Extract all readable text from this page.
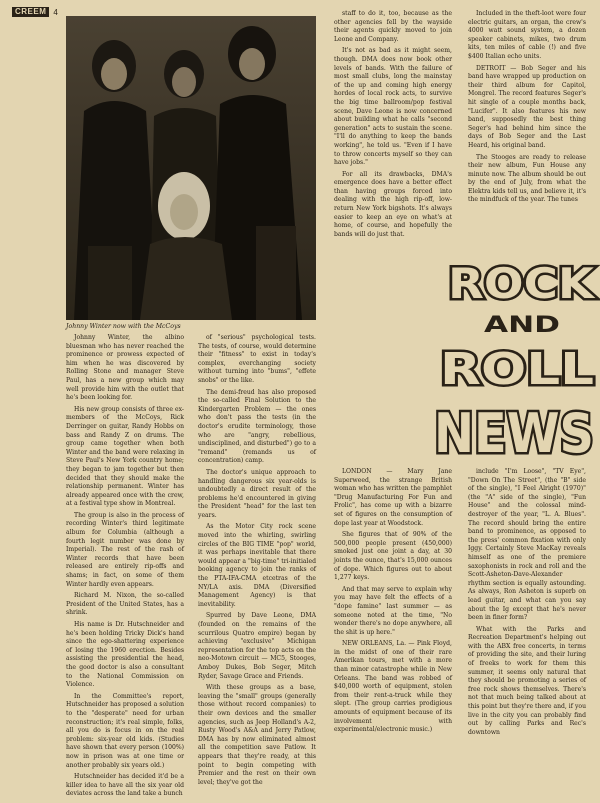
CREEM 4
Johnny Winter now with the McCoys

Johnny Winter, the albino bluesman who has never reached the prominence or prowess expected of him when he was discovered by Rolling Stone and manager Steve Paul, has a new group which may well provide him with the outlet that he's been looking for.

His new group consists of three ex-members of the McCoys, Rick Derringer on guitar, Randy Hobbs on bass and Randy Z on drums. The group came together when both Winter and the band were relaxing in Steve Paul's New York country home; they began to jam together but then decided that they should make the relationship permanent. Winter has already appeared once with the crew, at a festival type show in Montreal.

The group is also in the process of recording Winter's third legitimate album for Columbia (although a fourth legit number was done by Imperial). The rest of the rash of Winter records that have been released are entirely rip-offs and shams; in fact, on some of them Winter hardly even appears.

Richard M. Nixon, the so-called President of the United States, has a shrink.

His name is Dr. Hutschneider and he's been holding Tricky Dick's hand since the ego-shattering experience of losing the 1960 erection. Besides assisting the presidential the head, the good doctor is also a consultant to the National Commission on Violence.

In the Committee's report, Hutschneider has proposed a solution to the "desperate" need for urban reconstruction; it's real simple, folks, all you do is focus in on the real problem: six-year old kids. (Studies have shown that every person (100%) now in prison was at one time or another probably six years old.)

Hutschneider has decided it'd be a killer idea to have all the six year old deviates across the land take a bunch

of "serious" psychological tests. The tests, of course, would determine their "fitness" to exist in today's complex, everchanging society without turning into "bums", "effete snobs" or the like.

The demi-freud has also proposed the so-called Final Solution to the Kindergarten Problem — the ones who don't pass the tests (in the doctor's erudite terminology, those who are "angry, rebellious, undisciplined, and disturbed") go to a "remand" (remands us of concentration) camp.

The doctor's unique approach to handling dangerous six year-olds is undoubtedly a direct result of the problems he'd encountered in giving the President "head" for the last ten years.

As the Motor City rock scene moved into the whirling, swirling circles of the BIG TIME "pop" world, it was perhaps inevitable that there would appear a "big-time" tri-initialed booking agency to join the ranks of the PTA-IFA-CMA etcetras of the NY/LA axis. DMA (Diversified Management Agency) is that inevitability.

Spurred by Dave Leone, DMA (founded on the remains of the scurrilous Quatro empire) began by achieving "exclusive" Michigan representation for the top acts on the neo-Motown circuit — MC5, Stooges, Amboy Dukes, Bob Seger, Mitch Ryder, Savage Grace and Friends.

With these groups as a base, leaving the "small" groups (generally those without record companies) to their own devices and the smaller agencies, such as Jeep Holland's A-2, Rusty Wood's A&A and Jerry Patlow, DMA has by now eliminated almost all the competition save Patlow. It appears that they're ready, at this point to begin competing with Premier and the rest on their own level; they've got the

staff to do it, too, because as the other agencies fell by the wayside their agents quickly moved to join Leone and Company.

It's not as bad as it might seem, though. DMA does now book other levels of bands. With the failure of most small clubs, long the mainstay of the up and coming high energy hordes of local rock acts, to survive the big time ballroom/pop festival scene, Dave Leone is now concerned about building what he calls "second generation" acts to sustain the scene. "I'll do anything to keep the bands working", he told us. "Even if I have to throw concerts myself so they can have jobs."

For all its drawbacks, DMA's emergence does have a better effect than having groups forced into dealing with the high rip-off, low-return New York bigshots. It's always easier to keep an eye on what's at home, of course, and hopefully the bands will do just that.

Included in the theft-loot were four electric guitars, an organ, the crew's 4000 watt sound system, a dozen speaker cabinets, mikes, two drum kits, ten miles of cable (!) and five $400 Italian echo units.

DETROIT — Bob Seger and his band have wrapped up production on their third album for Capitol, Mongrel. The record features Seger's hit single of a couple months back, "Lucifer". It also features his new band, supposedly the best thing Seger's had behind him since the days of Bob Seger and the Last Heard, his original band.

The Stooges are ready to release their new album, Fun House any minute now. The album should be out by the end of July, from what the Elektra kids tell us, and believe it, it's the mindfuck of the year. The tunes

ROCK
AND
ROLL
NEWS

LONDON — Mary Jane Superweed, the strange British woman who has written the pamphlet "Drug Manufacturing For Fun and Frolic", has come up with a bizarre set of figures on the consumption of dope last year at Woodstock.

She figures that of 90% of the 500,000 people present (450,000) smoked just one joint a day, at 30 joints the ounce, that's 15,000 ounces of dope. Which figures out to about 1,277 keys.

And that may serve to explain why you may have felt the effects of a "dope famine" last summer — as someone noted at the time, "No wonder there's no dope anywhere, all the shit is up here."

NEW ORLEANS, La. — Pink Floyd, in the midst of one of their rare Amerikan tours, met with a more than minor catastrophe while in New Orleans. The band was robbed of $40,000 worth of equipment, stolen from their rent-a-truck while they slept. (The group carries prodigious amounts of equipment because of its involvement with experimental/electronic music.)

include "I'm Loose", "TV Eye", "Down On The Street", (the "B" side of the single), "I Feel Alright (1970)" (the "A" side of the single), "Fun House" and the colossal mind-destroyer of the year, "L. A. Blues". The record should bring the entire band to prominence, as opposed to the press' common fixation with only Iggy. Certainly Steve MacKay reveals himself as one of the premiere saxophonists in rock and roll and the Scott-Asheton-Dave-Alexander rhythm section is equally astounding. As always, Ron Asheton is superb on lead guitar, and what can you say about the Ig except that he's never been in finer form?

What with the Parks and Recreation Department's helping out with the ABX free concerts, in terms of providing the site, and their luring of freeks to work for them this summer, it seems only natural that they should be promoting a series of free rock shows themselves. There's not that much being talked about at this point but they're there and, if you live in the city you can probably find out by calling Parks and Rec's downtown
